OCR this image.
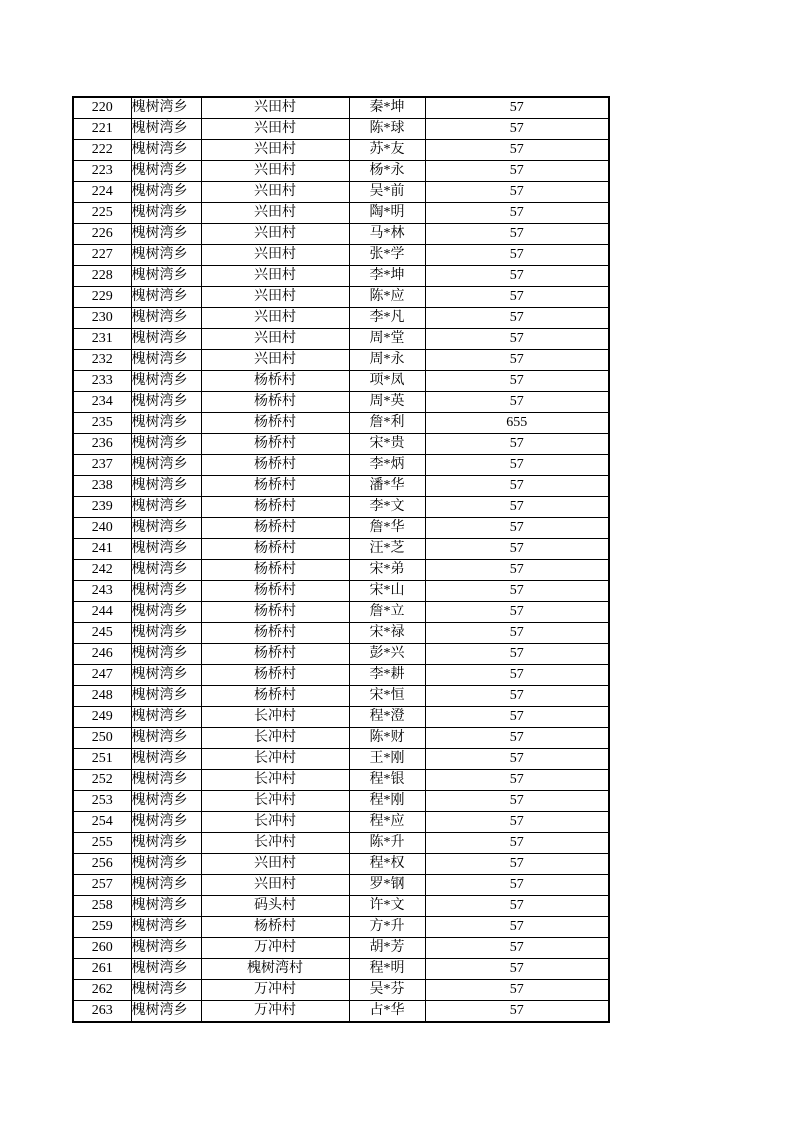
220	槐树湾乡	兴田村	秦*坤	57
221	槐树湾乡	兴田村	陈*球	57
222	槐树湾乡	兴田村	苏*友	57
223	槐树湾乡	兴田村	杨*永	57
224	槐树湾乡	兴田村	吴*前	57
225	槐树湾乡	兴田村	陶*明	57
226	槐树湾乡	兴田村	马*林	57
227	槐树湾乡	兴田村	张*学	57
228	槐树湾乡	兴田村	李*坤	57
229	槐树湾乡	兴田村	陈*应	57
230	槐树湾乡	兴田村	李*凡	57
231	槐树湾乡	兴田村	周*堂	57
232	槐树湾乡	兴田村	周*永	57
233	槐树湾乡	杨桥村	项*凤	57
234	槐树湾乡	杨桥村	周*英	57
235	槐树湾乡	杨桥村	詹*利	655
236	槐树湾乡	杨桥村	宋*贵	57
237	槐树湾乡	杨桥村	李*炳	57
238	槐树湾乡	杨桥村	潘*华	57
239	槐树湾乡	杨桥村	李*文	57
240	槐树湾乡	杨桥村	詹*华	57
241	槐树湾乡	杨桥村	汪*芝	57
242	槐树湾乡	杨桥村	宋*弟	57
243	槐树湾乡	杨桥村	宋*山	57
244	槐树湾乡	杨桥村	詹*立	57
245	槐树湾乡	杨桥村	宋*禄	57
246	槐树湾乡	杨桥村	彭*兴	57
247	槐树湾乡	杨桥村	李*耕	57
248	槐树湾乡	杨桥村	宋*恒	57
249	槐树湾乡	长冲村	程*澄	57
250	槐树湾乡	长冲村	陈*财	57
251	槐树湾乡	长冲村	王*刚	57
252	槐树湾乡	长冲村	程*银	57
253	槐树湾乡	长冲村	程*刚	57
254	槐树湾乡	长冲村	程*应	57
255	槐树湾乡	长冲村	陈*升	57
256	槐树湾乡	兴田村	程*权	57
257	槐树湾乡	兴田村	罗*钢	57
258	槐树湾乡	码头村	许*文	57
259	槐树湾乡	杨桥村	方*升	57
260	槐树湾乡	万冲村	胡*芳	57
261	槐树湾乡	槐树湾村	程*明	57
262	槐树湾乡	万冲村	吴*芬	57
263	槐树湾乡	万冲村	占*华	57
